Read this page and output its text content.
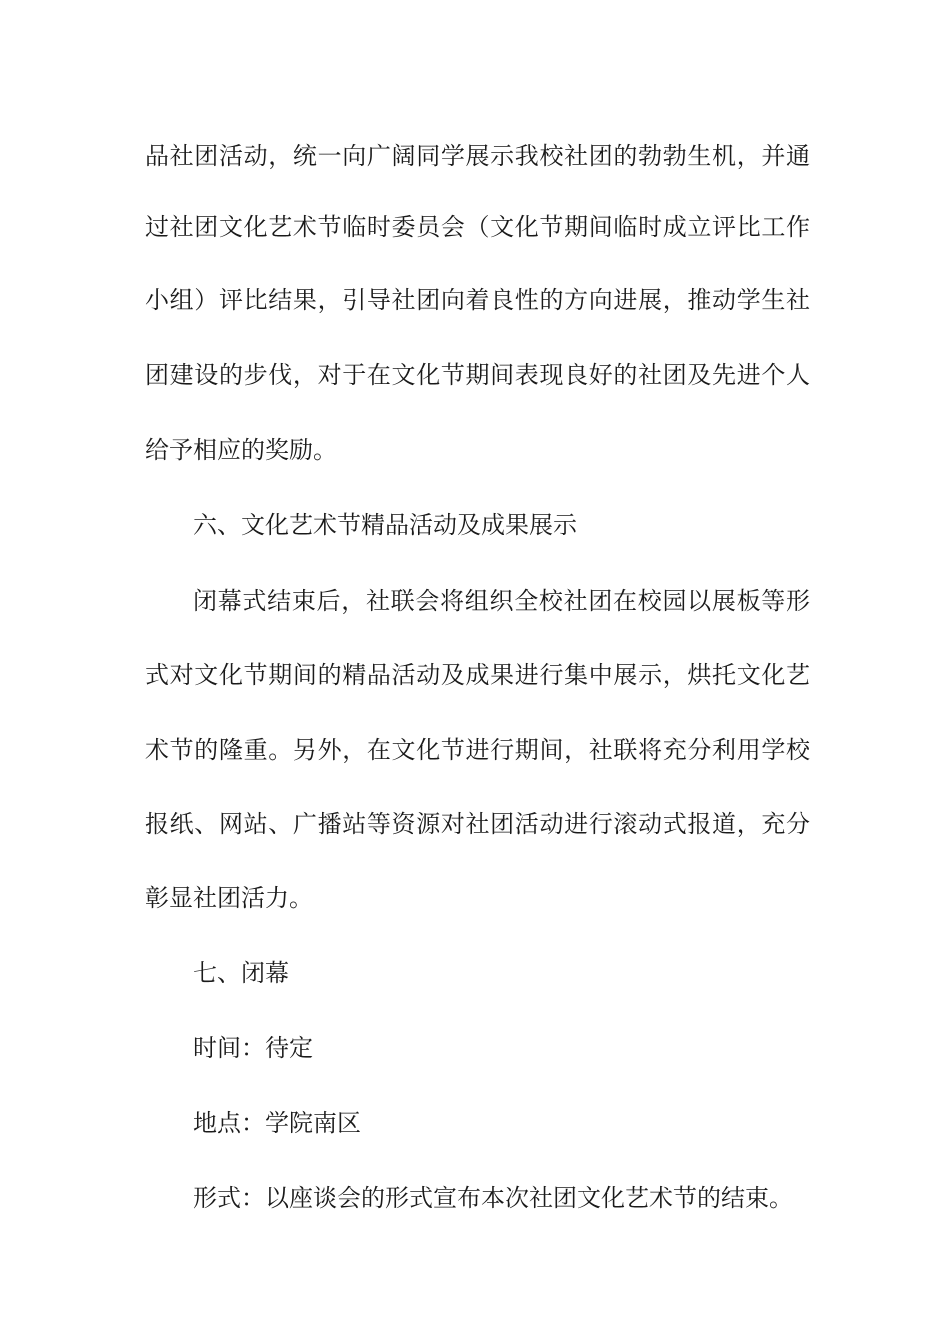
品社团活动，统一向广阔同学展示我校社团的勃勃生机，并通
过社团文化艺术节临时委员会（文化节期间临时成立评比工作
小组）评比结果，引导社团向着良性的方向进展，推动学生社
团建设的步伐，对于在文化节期间表现良好的社团及先进个人
给予相应的奖励。
六、文化艺术节精品活动及成果展示
闭幕式结束后，社联会将组织全校社团在校园以展板等形
式对文化节期间的精品活动及成果进行集中展示，烘托文化艺
术节的隆重。另外，在文化节进行期间，社联将充分利用学校
报纸、网站、广播站等资源对社团活动进行滚动式报道，充分
彰显社团活力。
七、闭幕
时间：待定
地点：学院南区
形式：以座谈会的形式宣布本次社团文化艺术节的结束。
